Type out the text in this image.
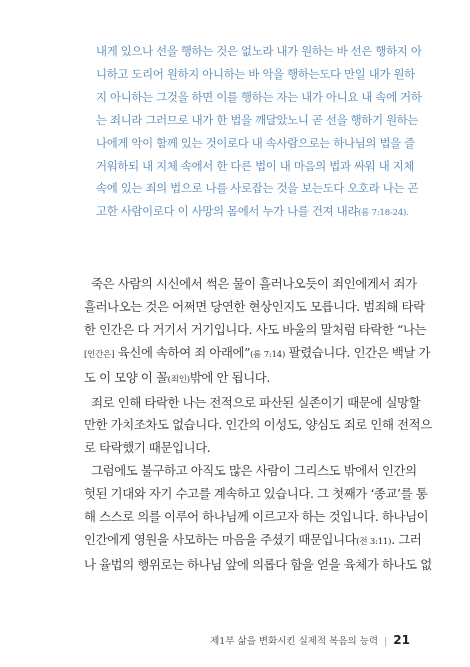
내게 있으나 선을 행하는 것은 없노라 내가 원하는 바 선은 행하지 아
니하고 도리어 원하지 아니하는 바 악을 행하는도다 만일 내가 원하
지 아니하는 그것을 하면 이를 행하는 자는 내가 아니요 내 속에 거하
는 죄니라 그러므로 내가 한 법을 깨달았노니 곧 선을 행하기 원하는
나에게 악이 함께 있는 것이로다 내 속사람으로는 하나님의 법을 즐
거워하되 내 지체 속에서 한 다른 법이 내 마음의 법과 싸워 내 지체
속에 있는 죄의 법으로 나를 사로잡는 것을 보는도다 오호라 나는 곤
고한 사람이로다 이 사망의 몸에서 누가 나를 건져 내랴(롬 7:18-24).
죽은 사람의 시신에서 썩은 물이 흘러나오듯이 죄인에게서 죄가
흘러나오는 것은 어쩌면 당연한 현상인지도 모릅니다. 범죄해 타락
한 인간은 다 거기서 거기입니다. 사도 바울의 말처럼 타락한 “나는
[인간은] 육신에 속하여 죄 아래에”(롬 7:14) 팔렸습니다. 인간은 백날 가
도 이 모양 이 꼴(죄인)밖에 안 됩니다.
죄로 인해 타락한 나는 전적으로 파산된 실존이기 때문에 실망할
만한 가치조차도 없습니다. 인간의 이성도, 양심도 죄로 인해 전적으
로 타락했기 때문입니다.
그럼에도 불구하고 아직도 많은 사람이 그리스도 밖에서 인간의
헛된 기대와 자기 수고를 계속하고 있습니다. 그 첫째가 ‘종교’를 통
해 스스로 의를 이루어 하나님께 이르고자 하는 것입니다. 하나님이
인간에게 영원을 사모하는 마음을 주셨기 때문입니다(전 3:11). 그러
나 율법의 행위로는 하나님 앞에 의롭다 함을 얻을 육체가 하나도 없
제1부 삶을 변화시킨 실제적 복음의 능력 | 21
